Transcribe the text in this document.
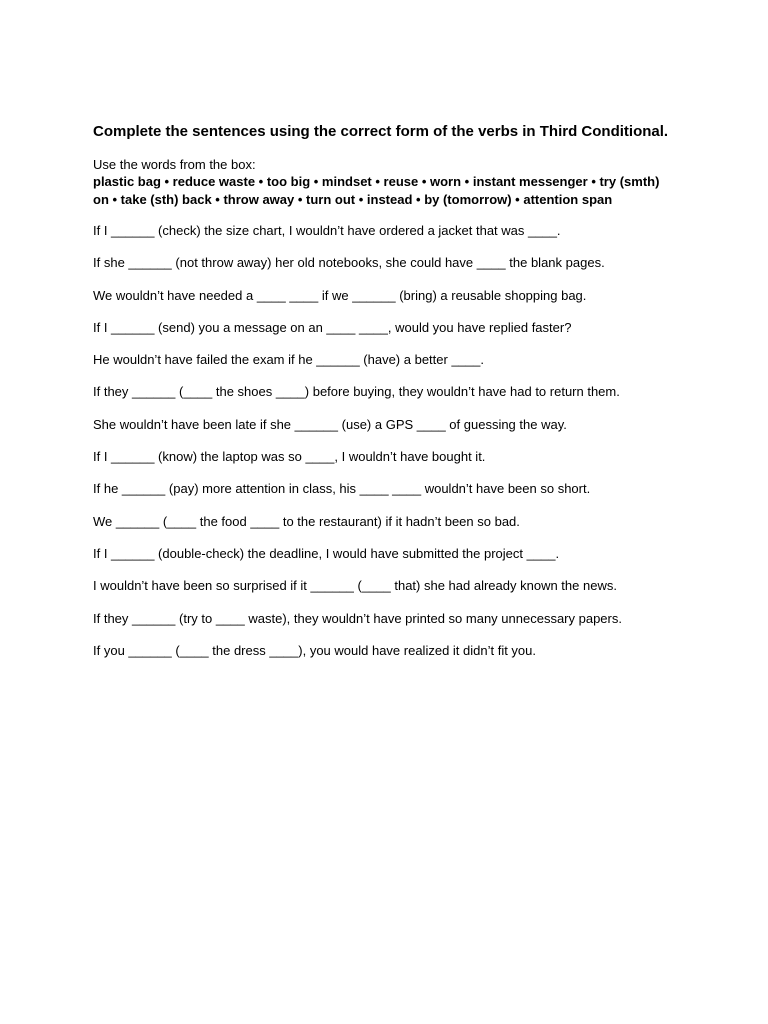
Complete the sentences using the correct form of the verbs in Third Conditional.

Use the words from the box:

plastic bag • reduce waste • too big • mindset • reuse • worn • instant messenger • try (smth) on • take (sth) back • throw away • turn out • instead • by (tomorrow) • attention span

If I ______ (check) the size chart, I wouldn’t have ordered a jacket that was ____.
If she ______ (not throw away) her old notebooks, she could have ____ the blank pages.
We wouldn’t have needed a ____ ____ if we ______ (bring) a reusable shopping bag.
If I ______ (send) you a message on an ____ ____, would you have replied faster?
He wouldn’t have failed the exam if he ______ (have) a better ____.
If they ______ (____ the shoes ____) before buying, they wouldn’t have had to return them.
She wouldn’t have been late if she ______ (use) a GPS ____ of guessing the way.
If I ______ (know) the laptop was so ____, I wouldn’t have bought it.
If he ______ (pay) more attention in class, his ____ ____ wouldn’t have been so short.
We ______ (____ the food ____ to the restaurant) if it hadn’t been so bad.
If I ______ (double-check) the deadline, I would have submitted the project ____.
I wouldn’t have been so surprised if it ______ (____ that) she had already known the news.
If they ______ (try to ____ waste), they wouldn’t have printed so many unnecessary papers.
If you ______ (____ the dress ____), you would have realized it didn’t fit you.
